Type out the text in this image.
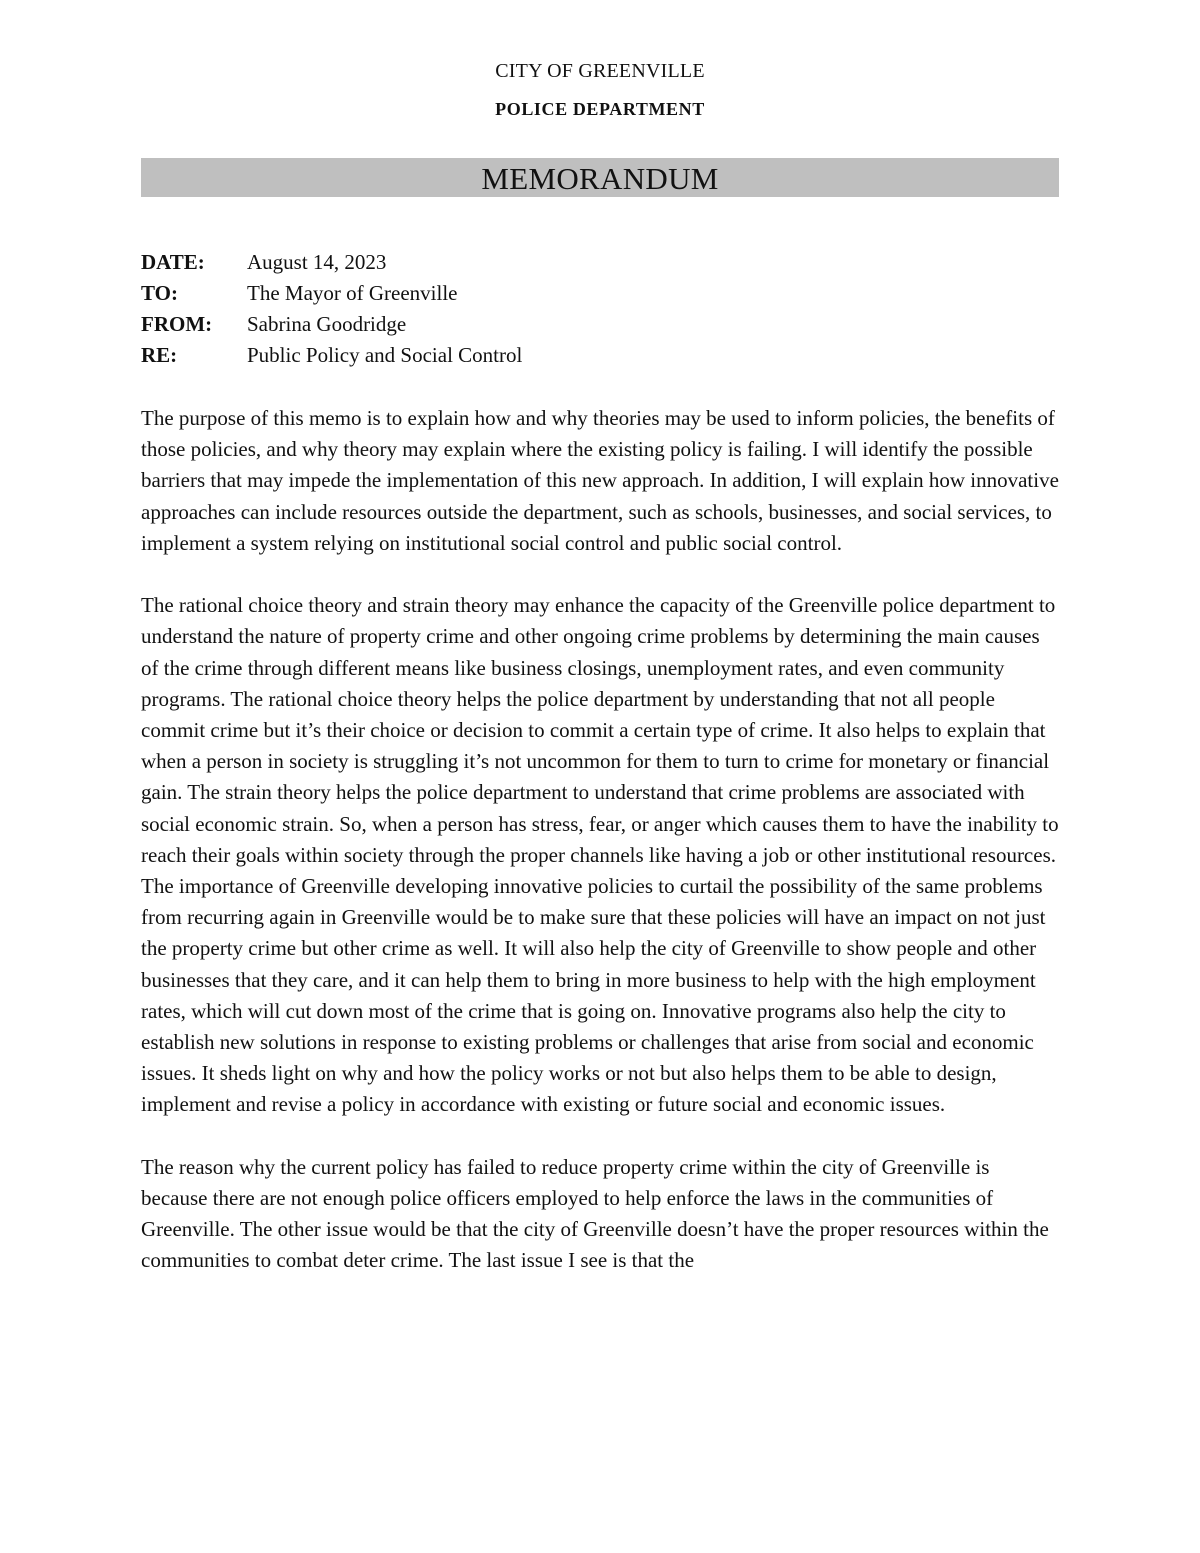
CITY OF GREENVILLE
POLICE DEPARTMENT
MEMORANDUM
DATE: August 14, 2023
TO:	The Mayor of Greenville
FROM: Sabrina Goodridge
RE:	Public Policy and Social Control

The purpose of this memo is to explain how and why theories may be used to inform policies, the benefits of those policies, and why theory may explain where the existing policy is failing. I will identify the possible barriers that may impede the implementation of this new approach. In addition, I will explain how innovative approaches can include resources outside the department, such as schools, businesses, and social services, to implement a system relying on institutional social control and public social control.

The rational choice theory and strain theory may enhance the capacity of the Greenville police department to understand the nature of property crime and other ongoing crime problems by determining the main causes of the crime through different means like business closings, unemployment rates, and even community programs. The rational choice theory helps the police department by understanding that not all people commit crime but it’s their choice or decision to commit a certain type of crime. It also helps to explain that when a person in society is struggling it’s not uncommon for them to turn to crime for monetary or financial gain. The strain theory helps the police department to understand that crime problems are associated with social economic strain. So, when a person has stress, fear, or anger which causes them to have the inability to reach their goals within society through the proper channels like having a job or other institutional resources. The importance of Greenville developing innovative policies to curtail the possibility of the same problems from recurring again in Greenville would be to make sure that these policies will have an impact on not just the property crime but other crime as well. It will also help the city of Greenville to show people and other businesses that they care, and it can help them to bring in more business to help with the high employment rates, which will cut down most of the crime that is going on. Innovative programs also help the city to establish new solutions in response to existing problems or challenges that arise from social and economic issues. It sheds light on why and how the policy works or not but also helps them to be able to design, implement and revise a policy in accordance with existing or future social and economic issues.

The reason why the current policy has failed to reduce property crime within the city of Greenville is because there are not enough police officers employed to help enforce the laws in the communities of Greenville. The other issue would be that the city of Greenville doesn’t have the proper resources within the communities to combat deter crime. The last issue I see is that the
